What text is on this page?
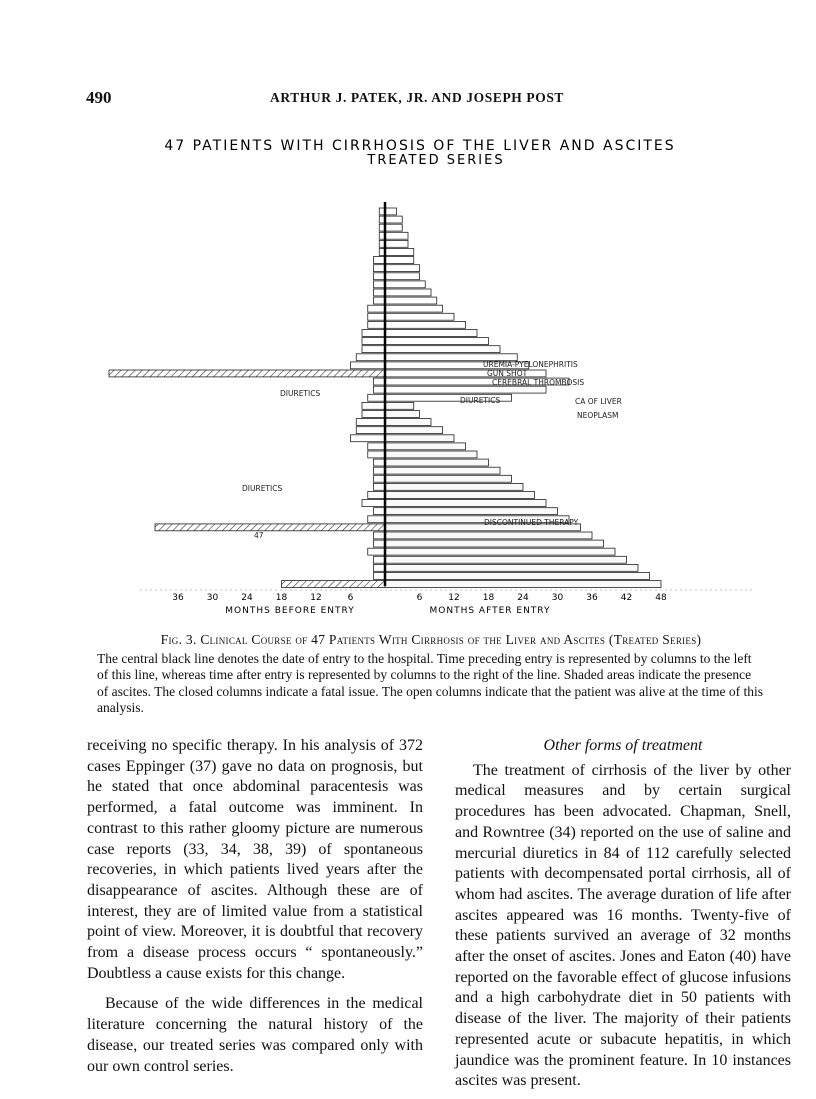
490	ARTHUR J. PATEK, JR. AND JOSEPH POST
47 PATIENTS WITH CIRRHOSIS OF THE LIVER AND ASCITES
TREATED SERIES
36	30	24	18	12	6	6	12	18	24	30	36	42	48
UREMIA-PYELONEPHRITIS
GUN SHOT
CEREBRAL THROMBOSIS
CA OF LIVER
NEOPLASM
DIURETICS
DIURETICS
DIURETICS
DISCONTINUED THERAPY
47
MONTHS BEFORE ENTRY	MONTHS AFTER ENTRY
Fig. 3. Clinical Course of 47 Patients With Cirrhosis of the Liver and Ascites (Treated Series)
The central black line denotes the date of entry to the hospital. Time preceding entry is represented by columns to the left of this line, whereas time after entry is represented by columns to the right of the line. Shaded areas indicate the presence of ascites. The closed columns indicate a fatal issue. The open columns indicate that the patient was alive at the time of this analysis.

receiving no specific therapy. In his analysis of 372 cases Eppinger (37) gave no data on prognosis, but he stated that once abdominal paracentesis was performed, a fatal outcome was imminent. In contrast to this rather gloomy picture are numerous case reports (33, 34, 38, 39) of spontaneous recoveries, in which patients lived years after the disappearance of ascites. Although these are of interest, they are of limited value from a statistical point of view. Moreover, it is doubtful that recovery from a disease process occurs “ spontaneously.” Doubtless a cause exists for this change.

Because of the wide differences in the medical literature concerning the natural history of the disease, our treated series was compared only with our own control series.

Other forms of treatment

The treatment of cirrhosis of the liver by other medical measures and by certain surgical procedures has been advocated. Chapman, Snell, and Rowntree (34) reported on the use of saline and mercurial diuretics in 84 of 112 carefully selected patients with decompensated portal cirrhosis, all of whom had ascites. The average duration of life after ascites appeared was 16 months. Twenty-five of these patients survived an average of 32 months after the onset of ascites. Jones and Eaton (40) have reported on the favorable effect of glucose infusions and a high carbohydrate diet in 50 patients with disease of the liver. The majority of their patients represented acute or subacute hepatitis, in which jaundice was the prominent feature. In 10 instances ascites was present.
